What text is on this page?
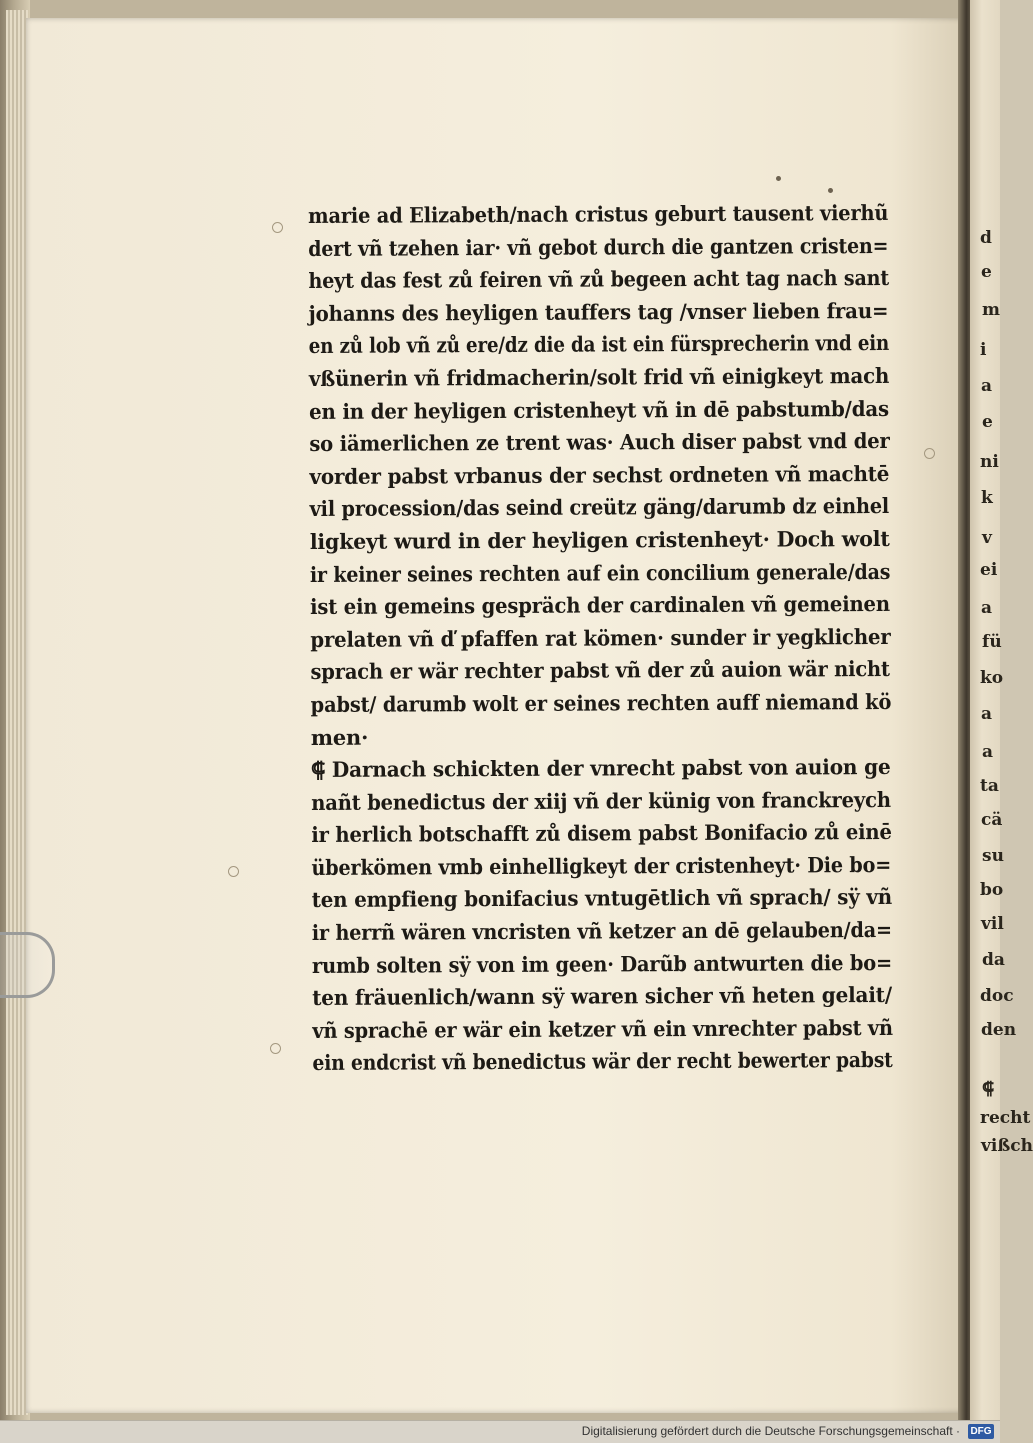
marie ad Elizabeth/nach cristus geburt tausent vierhũ
dert vñ tzehen iar· vñ gebot durch die gantzen cristen=
heyt das fest zů feiren vñ zů begeen acht tag nach sant
johanns des heyligen tauffers tag /vnser lieben frau=
en zů lob vñ zů ere/dz die da ist ein fürsprecherin vnd ein
vßünerin vñ fridmacherin/solt frid vñ einigkeyt mach
en in der heyligen cristenheyt vñ in dē pabstumb/das
so iämerlichen ze trent was· Auch diser pabst vnd der
vorder pabst vrbanus der sechst ordneten vñ machtē
vil procession/das seind creütz gäng/darumb dz einhel
ligkeyt wurd in der heyligen cristenheyt· Doch wolt
ir keiner seines rechten auf ein concilium generale/das
ist ein gemeins gespräch der cardinalen vñ gemeinen
prelaten vñ ď pfaffen rat kömen· sunder ir yegklicher
sprach er wär rechter pabst vñ der zů auion wär nicht
pabst/ darumb wolt er seines rechten auff niemand kö
men·
⸿ Darnach schickten der vnrecht pabst von auion ge
nañt benedictus der xiij vñ der künig von franckreych
ir herlich botschafft zů disem pabst Bonifacio zů einē
überkömen vmb einhelligkeyt der cristenheyt· Die bo=
ten empfieng bonifacius vntugētlich vñ sprach/ sÿ vñ
ir herrñ wären vncristen vñ ketzer an dē gelauben/da=
rumb solten sÿ von im geen· Darũb antwurten die bo=
ten fräuenlich/wann sÿ waren sicher vñ heten gelait/
vñ sprachē er wär ein ketzer vñ ein vnrechter pabst vñ
ein endcrist vñ benedictus wär der recht bewerter pabst
d
e
m
i
a
e
ni
k
v
ei
a
fü
ko
a
a
ta
cä
su
bo
vil
da
doc
den
⸿
recht
vißch
Digitalisierung gefördert durch die Deutsche Forschungsgemeinschaft · DFG
